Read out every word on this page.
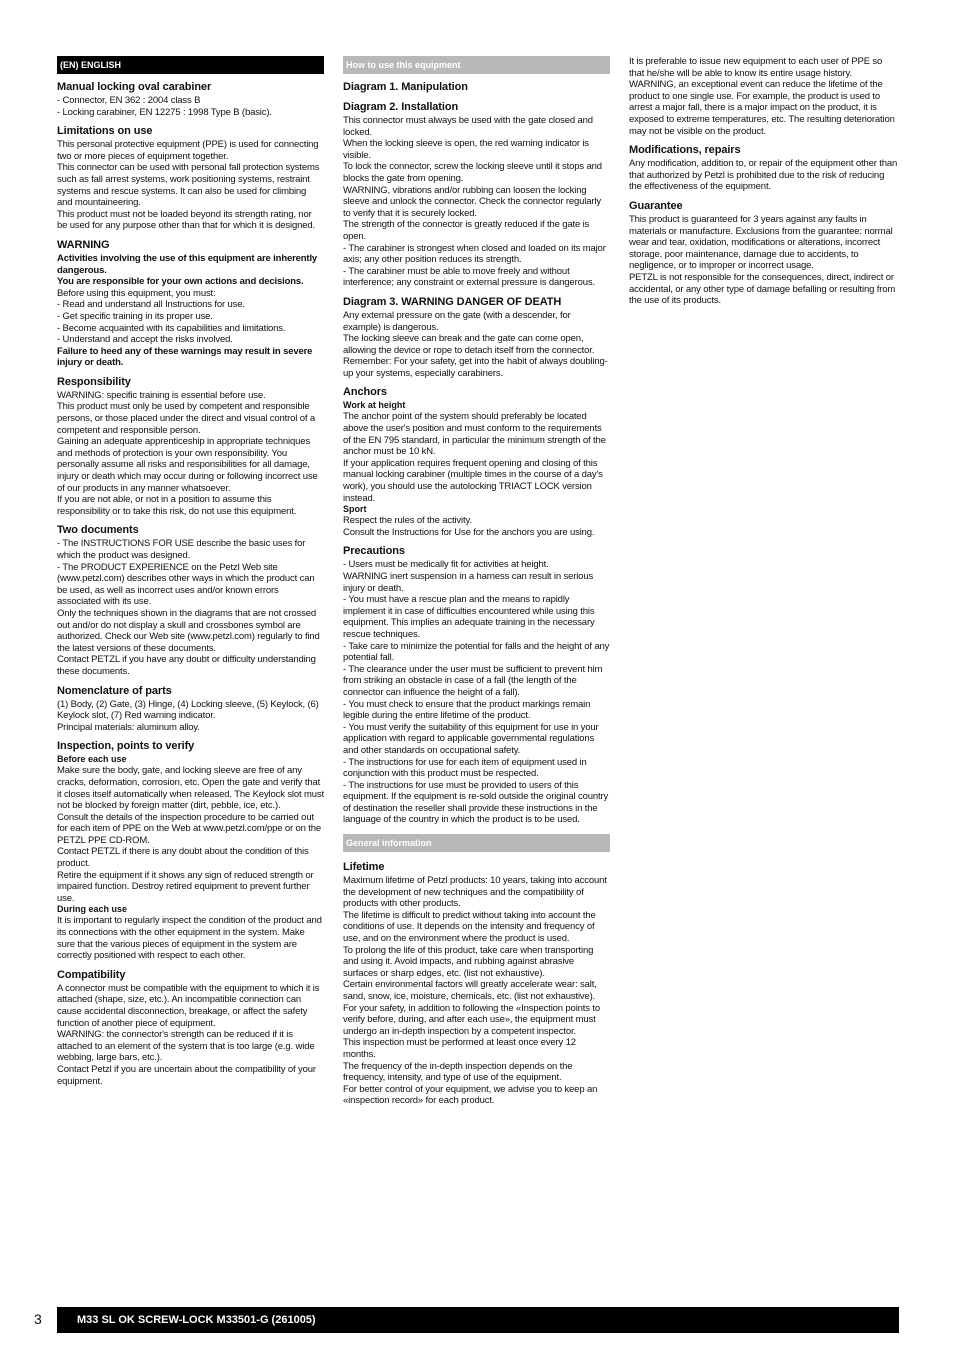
(EN) ENGLISH
Manual locking oval carabiner

- Connector, EN 362 : 2004 class B
- Locking carabiner, EN 12275 : 1998 Type B (basic).

Limitations on use

This personal protective equipment (PPE) is used for connecting two or more pieces of equipment together.
This connector can be used with personal fall protection systems such as fall arrest systems, work positioning systems, restraint systems and rescue systems. It can also be used for climbing and mountaineering.
This product must not be loaded beyond its strength rating, nor be used for any purpose other than that for which it is designed.

WARNING

Activities involving the use of this equipment are inherently dangerous.
You are responsible for your own actions and decisions.

Before using this equipment, you must:
- Read and understand all Instructions for use.
- Get specific training in its proper use.
- Become acquainted with its capabilities and limitations.
- Understand and accept the risks involved.

Failure to heed any of these warnings may result in severe injury or death.

Responsibility

WARNING: specific training is essential before use.
This product must only be used by competent and responsible persons, or those placed under the direct and visual control of a competent and responsible person.
Gaining an adequate apprenticeship in appropriate techniques and methods of protection is your own responsibility. You personally assume all risks and responsibilities for all damage, injury or death which may occur during or following incorrect use of our products in any manner whatsoever.
If you are not able, or not in a position to assume this responsibility or to take this risk, do not use this equipment.

Two documents

- The INSTRUCTIONS FOR USE describe the basic uses for which the product was designed.
- The PRODUCT EXPERIENCE on the Petzl Web site (www.petzl.com) describes other ways in which the product can be used, as well as incorrect uses and/or known errors associated with its use.
Only the techniques shown in the diagrams that are not crossed out and/or do not display a skull and crossbones symbol are authorized. Check our Web site (www.petzl.com) regularly to find the latest versions of these documents.
Contact PETZL if you have any doubt or difficulty understanding these documents.

Nomenclature of parts

(1) Body, (2) Gate, (3) Hinge, (4) Locking sleeve, (5) Keylock, (6) Keylock slot, (7) Red warning indicator.
Principal materials: aluminum alloy.

Inspection, points to verify
Before each use

Make sure the body, gate, and locking sleeve are free of any cracks, deformation, corrosion, etc. Open the gate and verify that it closes itself automatically when released. The Keylock slot must not be blocked by foreign matter (dirt, pebble, ice, etc.).
Consult the details of the inspection procedure to be carried out for each item of PPE on the Web at www.petzl.com/ppe or on the PETZL PPE CD-ROM.
Contact PETZL if there is any doubt about the condition of this product.
Retire the equipment if it shows any sign of reduced strength or impaired function. Destroy retired equipment to prevent further use.

During each use

It is important to regularly inspect the condition of the product and its connections with the other equipment in the system. Make sure that the various pieces of equipment in the system are correctly positioned with respect to each other.

Compatibility

A connector must be compatible with the equipment to which it is attached (shape, size, etc.). An incompatible connection can cause accidental disconnection, breakage, or affect the safety function of another piece of equipment.
WARNING: the connector's strength can be reduced if it is attached to an element of the system that is too large (e.g. wide webbing, large bars, etc.).
Contact Petzl if you are uncertain about the compatibility of your equipment.

How to use this equipment
Diagram 1. Manipulation
Diagram 2. Installation

This connector must always be used with the gate closed and locked.
When the locking sleeve is open, the red warning indicator is visible.
To lock the connector, screw the locking sleeve until it stops and blocks the gate from opening.
WARNING, vibrations and/or rubbing can loosen the locking sleeve and unlock the connector. Check the connector regularly to verify that it is securely locked.
The strength of the connector is greatly reduced if the gate is open.
- The carabiner is strongest when closed and loaded on its major axis; any other position reduces its strength.
- The carabiner must be able to move freely and without interference; any constraint or external pressure is dangerous.

Diagram 3. WARNING DANGER OF DEATH

Any external pressure on the gate (with a descender, for example) is dangerous.
The locking sleeve can break and the gate can come open, allowing the device or rope to detach itself from the connector.
Remember: For your safety, get into the habit of always doubling-up your systems, especially carabiners.

Anchors
Work at height

The anchor point of the system should preferably be located above the user's position and must conform to the requirements of the EN 795 standard, in particular the minimum strength of the anchor must be 10 kN.
If your application requires frequent opening and closing of this manual locking carabiner (multiple times in the course of a day's work), you should use the autolocking TRIACT LOCK version instead.

Sport

Respect the rules of the activity.
Consult the Instructions for Use for the anchors you are using.

Precautions

- Users must be medically fit for activities at height.
WARNING inert suspension in a harness can result in serious injury or death.
- You must have a rescue plan and the means to rapidly implement it in case of difficulties encountered while using this equipment. This implies an adequate training in the necessary rescue techniques.
- Take care to minimize the potential for falls and the height of any potential fall.
- The clearance under the user must be sufficient to prevent him from striking an obstacle in case of a fall (the length of the connector can influence the height of a fall).
- You must check to ensure that the product markings remain legible during the entire lifetime of the product.
- You must verify the suitability of this equipment for use in your application with regard to applicable governmental regulations and other standards on occupational safety.
- The instructions for use for each item of equipment used in conjunction with this product must be respected.
- The instructions for use must be provided to users of this equipment. If the equipment is re-sold outside the original country of destination the reseller shall provide these instructions in the language of the country in which the product is to be used.

General information
Lifetime

Maximum lifetime of Petzl products: 10 years, taking into account the development of new techniques and the compatibility of products with other products.
The lifetime is difficult to predict without taking into account the conditions of use. It depends on the intensity and frequency of use, and on the environment where the product is used.
To prolong the life of this product, take care when transporting and using it. Avoid impacts, and rubbing against abrasive surfaces or sharp edges, etc. (list not exhaustive).
Certain environmental factors will greatly accelerate wear: salt, sand, snow, ice, moisture, chemicals, etc. (list not exhaustive).
For your safety, in addition to following the «Inspection points to verify before, during, and after each use», the equipment must undergo an in-depth inspection by a competent inspector.
This inspection must be performed at least once every 12 months.
The frequency of the in-depth inspection depends on the frequency, intensity, and type of use of the equipment.
For better control of your equipment, we advise you to keep an «inspection record» for each product.

It is preferable to issue new equipment to each user of PPE so that he/she will be able to know its entire usage history.
WARNING, an exceptional event can reduce the lifetime of the product to one single use. For example, the product is used to arrest a major fall, there is a major impact on the product, it is exposed to extreme temperatures, etc. The resulting deterioration may not be visible on the product.

Modifications, repairs

Any modification, addition to, or repair of the equipment other than that authorized by Petzl is prohibited due to the risk of reducing the effectiveness of the equipment.

Guarantee

This product is guaranteed for 3 years against any faults in materials or manufacture. Exclusions from the guarantee: normal wear and tear, oxidation, modifications or alterations, incorrect storage, poor maintenance, damage due to accidents, to negligence, or to improper or incorrect usage.
PETZL is not responsible for the consequences, direct, indirect or accidental, or any other type of damage befalling or resulting from the use of its products.

3	M33 SL OK SCREW-LOCK M33501-G (261005)
